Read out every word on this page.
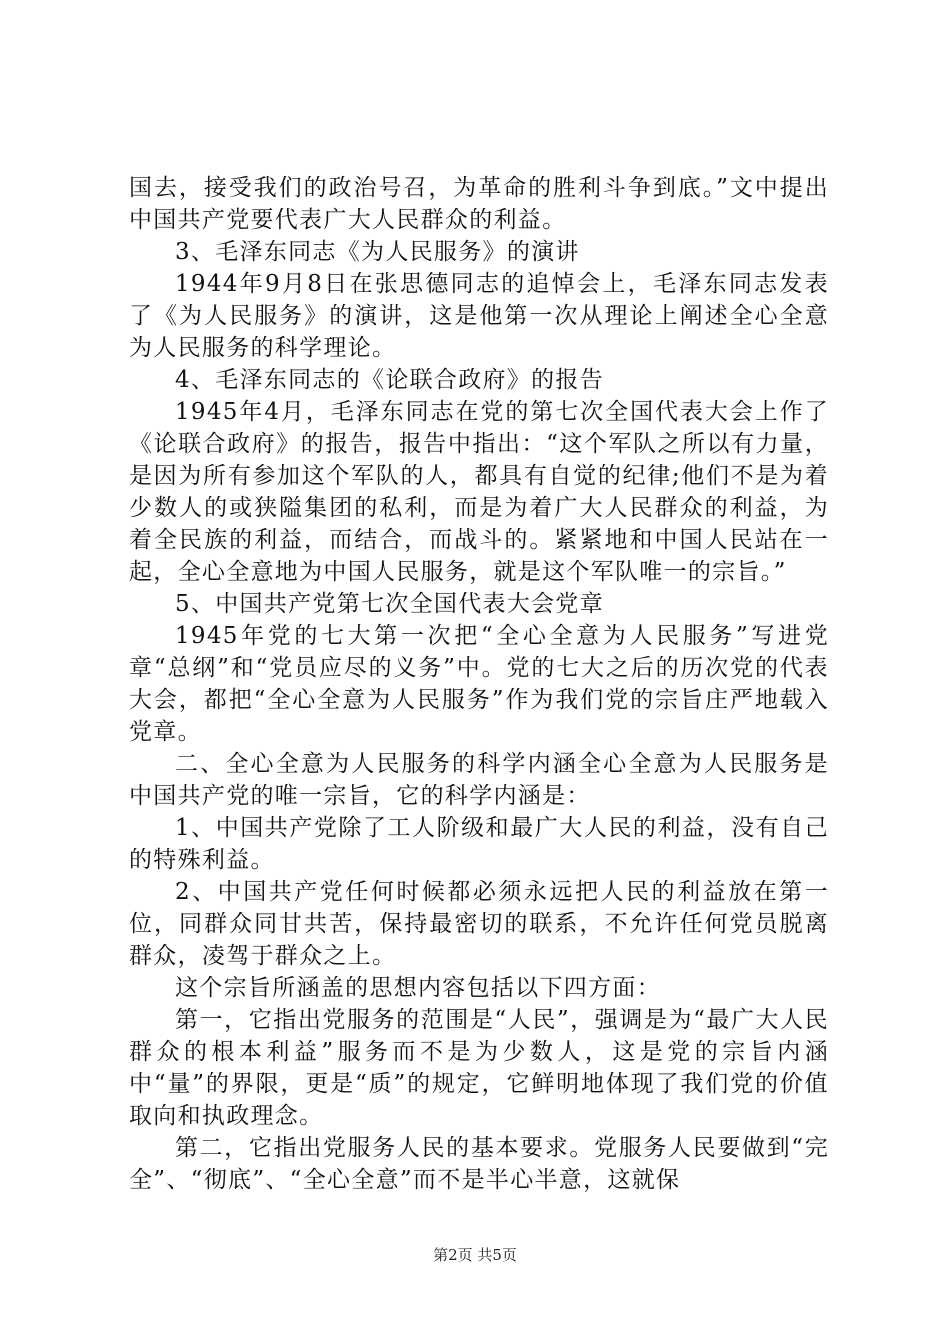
国去，接受我们的政治号召，为革命的胜利斗争到底。”文中提出中国共产党要代表广大人民群众的利益。

3、毛泽东同志《为人民服务》的演讲

1944年9月8日在张思德同志的追悼会上，毛泽东同志发表了《为人民服务》的演讲，这是他第一次从理论上阐述全心全意为人民服务的科学理论。

4、毛泽东同志的《论联合政府》的报告

1945年4月，毛泽东同志在党的第七次全国代表大会上作了《论联合政府》的报告，报告中指出：“这个军队之所以有力量，是因为所有参加这个军队的人，都具有自觉的纪律;他们不是为着少数人的或狭隘集团的私利，而是为着广大人民群众的利益，为着全民族的利益，而结合，而战斗的。紧紧地和中国人民站在一起，全心全意地为中国人民服务，就是这个军队唯一的宗旨。”

5、中国共产党第七次全国代表大会党章

1945年党的七大第一次把“全心全意为人民服务”写进党章“总纲”和“党员应尽的义务”中。党的七大之后的历次党的代表大会，都把“全心全意为人民服务”作为我们党的宗旨庄严地载入党章。

二、全心全意为人民服务的科学内涵全心全意为人民服务是中国共产党的唯一宗旨，它的科学内涵是：

1、中国共产党除了工人阶级和最广大人民的利益，没有自己的特殊利益。

2、中国共产党任何时候都必须永远把人民的利益放在第一位，同群众同甘共苦，保持最密切的联系，不允许任何党员脱离群众，凌驾于群众之上。

这个宗旨所涵盖的思想内容包括以下四方面：

第一，它指出党服务的范围是“人民”，强调是为“最广大人民群众的根本利益”服务而不是为少数人，这是党的宗旨内涵中“量”的界限，更是“质”的规定，它鲜明地体现了我们党的价值取向和执政理念。

第二，它指出党服务人民的基本要求。党服务人民要做到“完全”、“彻底”、“全心全意”而不是半心半意，这就保

第2页 共5页
